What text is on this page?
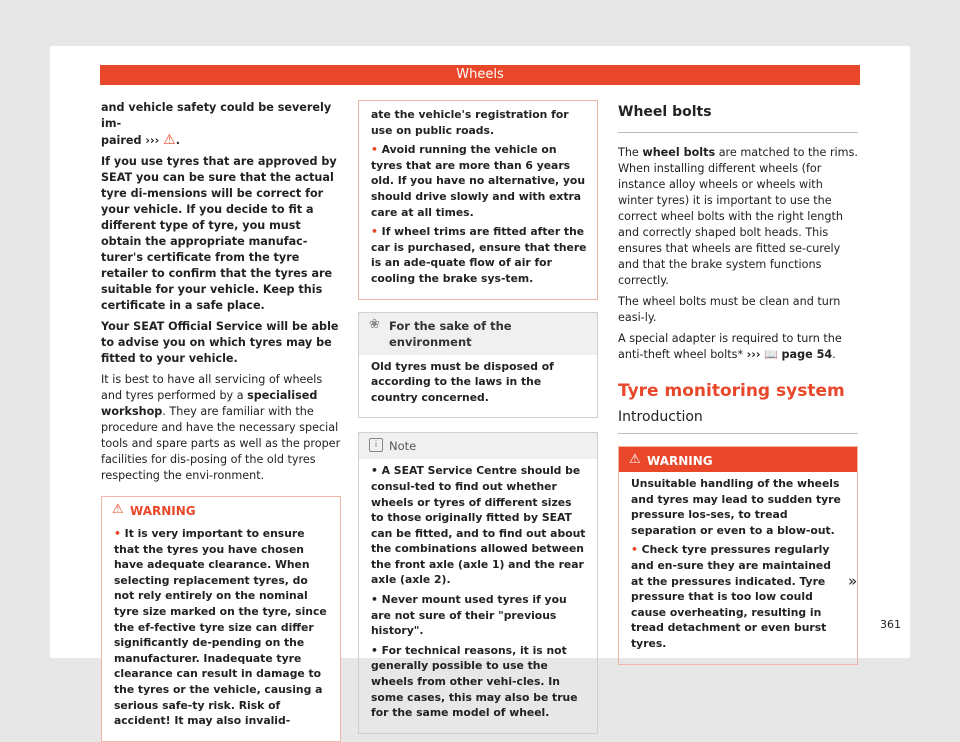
Wheels

and vehicle safety could be severely im-
paired ››› ⚠.

If you use tyres that are approved by SEAT you can be sure that the actual tyre di-mensions will be correct for your vehicle. If you decide to fit a different type of tyre, you must obtain the appropriate manufac-turer's certificate from the tyre retailer to confirm that the tyres are suitable for your vehicle. Keep this certificate in a safe place.

Your SEAT Official Service will be able to advise you on which tyres may be fitted to your vehicle.

It is best to have all servicing of wheels and tyres performed by a specialised workshop. They are familiar with the procedure and have the necessary special tools and spare parts as well as the proper facilities for dis-posing of the old tyres respecting the envi-ronment.

⚠ WARNING

• It is very important to ensure that the tyres you have chosen have adequate clearance. When selecting replacement tyres, do not rely entirely on the nominal tyre size marked on the tyre, since the ef-fective tyre size can differ significantly de-pending on the manufacturer. Inadequate tyre clearance can result in damage to the tyres or the vehicle, causing a serious safe-ty risk. Risk of accident! It may also invalid-

ate the vehicle's registration for use on public roads.

• Avoid running the vehicle on tyres that are more than 6 years old. If you have no alternative, you should drive slowly and with extra care at all times.

• If wheel trims are fitted after the car is purchased, ensure that there is an ade-quate flow of air for cooling the brake sys-tem.

❀ For the sake of the environment

Old tyres must be disposed of according to the laws in the country concerned.

i	Note

• A SEAT Service Centre should be consul-ted to find out whether wheels or tyres of different sizes to those originally fitted by SEAT can be fitted, and to find out about the combinations allowed between the front axle (axle 1) and the rear axle (axle 2).

• Never mount used tyres if you are not sure of their "previous history".

• For technical reasons, it is not generally possible to use the wheels from other vehi-cles. In some cases, this may also be true for the same model of wheel.

Wheel bolts

The wheel bolts are matched to the rims. When installing different wheels (for instance alloy wheels or wheels with winter tyres) it is important to use the correct wheel bolts with the right length and correctly shaped bolt heads. This ensures that wheels are fitted se-curely and that the brake system functions correctly.

The wheel bolts must be clean and turn easi-ly.

A special adapter is required to turn the anti-theft wheel bolts* ››› 📖 page 54.

Tyre monitoring system
Introduction
⚠ WARNING

Unsuitable handling of the wheels and tyres may lead to sudden tyre pressure los-ses, to tread separation or even to a blow-out.

• Check tyre pressures regularly and en-sure they are maintained at the pressures indicated. Tyre pressure that is too low could cause overheating, resulting in tread detachment or even burst tyres.

»
361
